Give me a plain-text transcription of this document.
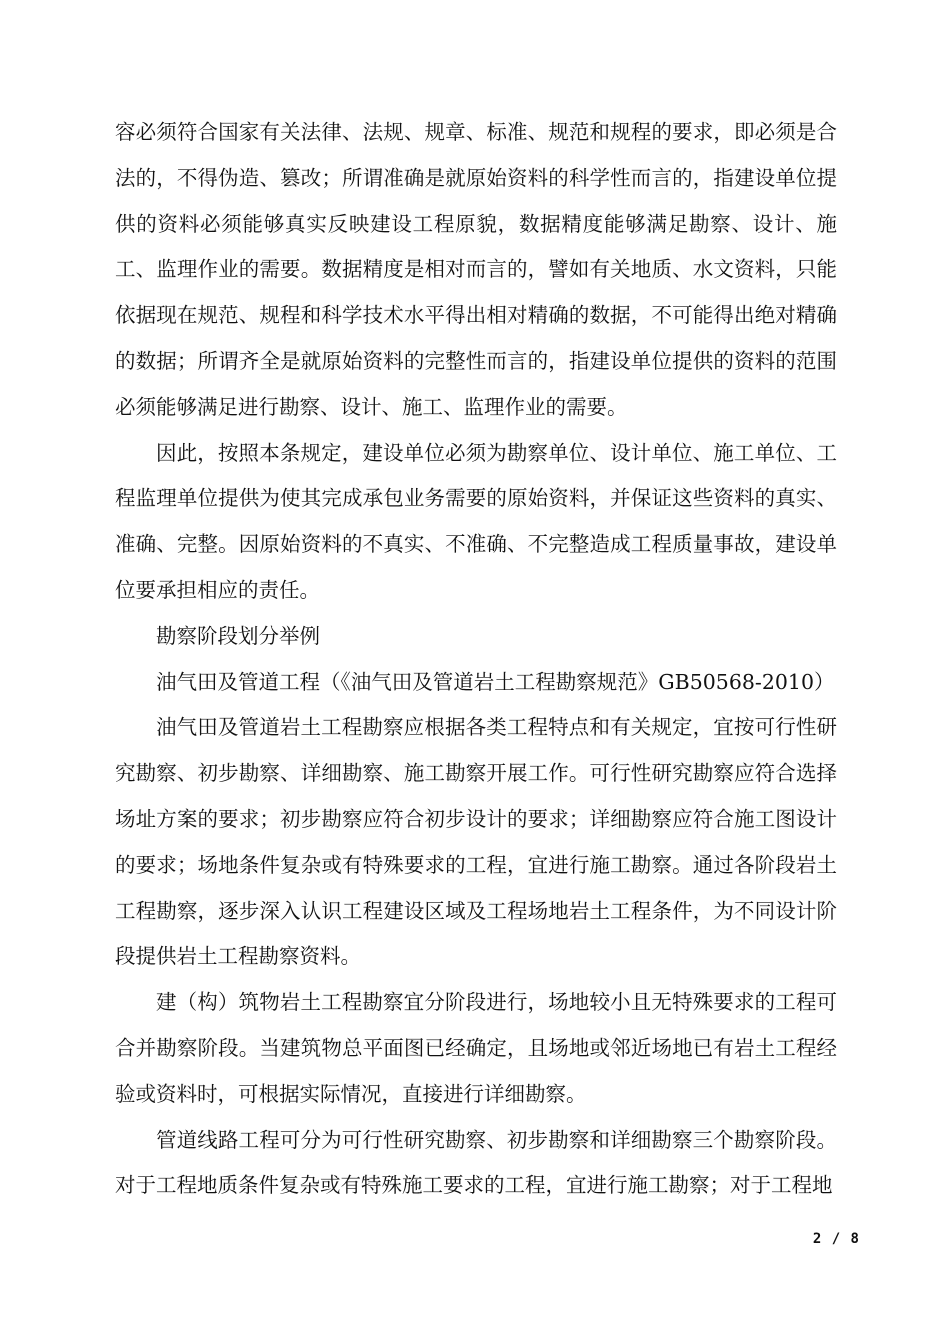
容必须符合国家有关法律、法规、规章、标准、规范和规程的要求，即必须是合法的，不得伪造、篡改；所谓准确是就原始资料的科学性而言的，指建设单位提供的资料必须能够真实反映建设工程原貌，数据精度能够满足勘察、设计、施工、监理作业的需要。数据精度是相对而言的，譬如有关地质、水文资料，只能依据现在规范、规程和科学技术水平得出相对精确的数据，不可能得出绝对精确的数据；所谓齐全是就原始资料的完整性而言的，指建设单位提供的资料的范围必须能够满足进行勘察、设计、施工、监理作业的需要。

因此，按照本条规定，建设单位必须为勘察单位、设计单位、施工单位、工程监理单位提供为使其完成承包业务需要的原始资料，并保证这些资料的真实、准确、完整。因原始资料的不真实、不准确、不完整造成工程质量事故，建设单位要承担相应的责任。

勘察阶段划分举例

油气田及管道工程（《油气田及管道岩土工程勘察规范》GB50568-2010）

油气田及管道岩土工程勘察应根据各类工程特点和有关规定，宜按可行性研究勘察、初步勘察、详细勘察、施工勘察开展工作。可行性研究勘察应符合选择场址方案的要求；初步勘察应符合初步设计的要求；详细勘察应符合施工图设计的要求；场地条件复杂或有特殊要求的工程，宜进行施工勘察。通过各阶段岩土工程勘察，逐步深入认识工程建设区域及工程场地岩土工程条件，为不同设计阶段提供岩土工程勘察资料。

建（构）筑物岩土工程勘察宜分阶段进行，场地较小且无特殊要求的工程可合并勘察阶段。当建筑物总平面图已经确定，且场地或邻近场地已有岩土工程经验或资料时，可根据实际情况，直接进行详细勘察。

管道线路工程可分为可行性研究勘察、初步勘察和详细勘察三个勘察阶段。对于工程地质条件复杂或有特殊施工要求的工程，宜进行施工勘察；对于工程地

2 / 8
